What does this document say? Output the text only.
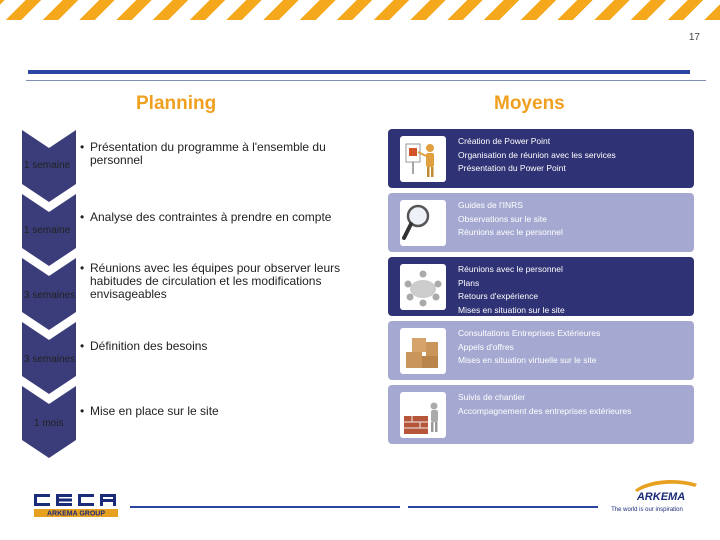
17
Planning	Moyens
1 semaine
1 semaine
3 semaines
3 semaines
1 mois
• Présentation du programme à l'ensemble du personnel
• Analyse des contraintes à prendre en compte
• Réunions avec les équipes pour observer leurs habitudes de circulation et les modifications envisageables
• Définition des besoins
• Mise en place sur le site
Création de Power Point
Organisation de réunion avec les services
Présentation du Power Point
Guides de l'INRS
Observations sur le site
Réunions avec le personnel
Réunions avec le personnel
Plans
Retours d'expérience
Mises en situation sur le site
Consultations Entreprises Extérieures
Appels d'offres
Mises en situation virtuelle sur le site
Suivis de chantier
Accompagnement des entreprises extérieures
ARKEMA GROUP
ARKEMA
The world is our inspiration
